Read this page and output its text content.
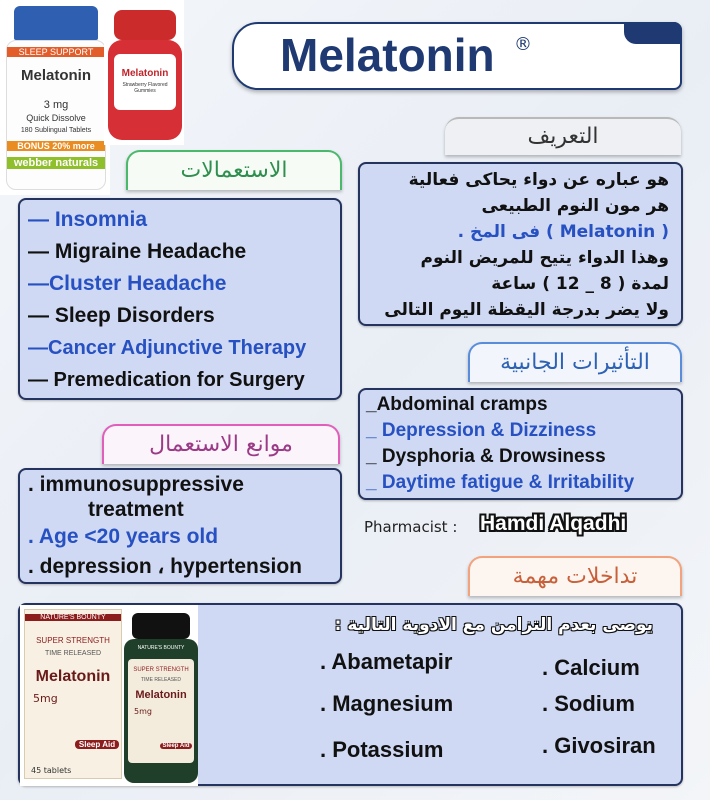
SLEEP SUPPORT
Melatonin
3 mg
Quick Dissolve
180 Sublingual Tablets
BONUS 20% more
webber naturals
Melatonin
Strawberry Flavored Gummies
Melatonin ®
التعريف
هو عباره عن دواء يحاكى فعالية
هر مون النوم الطبيعى
( Melatonin ) فى المخ .
وهذا الدواء يتيح للمريض النوم
لمدة ( 8 _ 12 ) ساعة
ولا يضر بدرجة اليقظة اليوم التالى
الاستعمالات
— Insomnia
— Migraine Headache
—Cluster Headache
— Sleep Disorders
—Cancer Adjunctive Therapy
— Premedication for Surgery
التأثيرات الجانبية
_Abdominal cramps
_ Depression & Dizziness
_ Dysphoria & Drowsiness
_ Daytime fatigue & Irritability
موانع الاستعمال
. immunosuppressive
treatment
. Age <20 years old
. depression ، hypertension
Pharmacist : Hamdi Alqadhi
تداخلات مهمة
يوصى بعدم التزامن مع الادوية التالية :
. Abametapir
. Magnesium
. Potassium
. Calcium
. Sodium
. Givosiran
NATURE'S BOUNTY
SUPER STRENGTH
TIME RELEASED
Melatonin
5mg
Sleep Aid
45 tablets
NATURE'S BOUNTY
SUPER STRENGTH
TIME RELEASED
Melatonin
5mg
Sleep Aid
